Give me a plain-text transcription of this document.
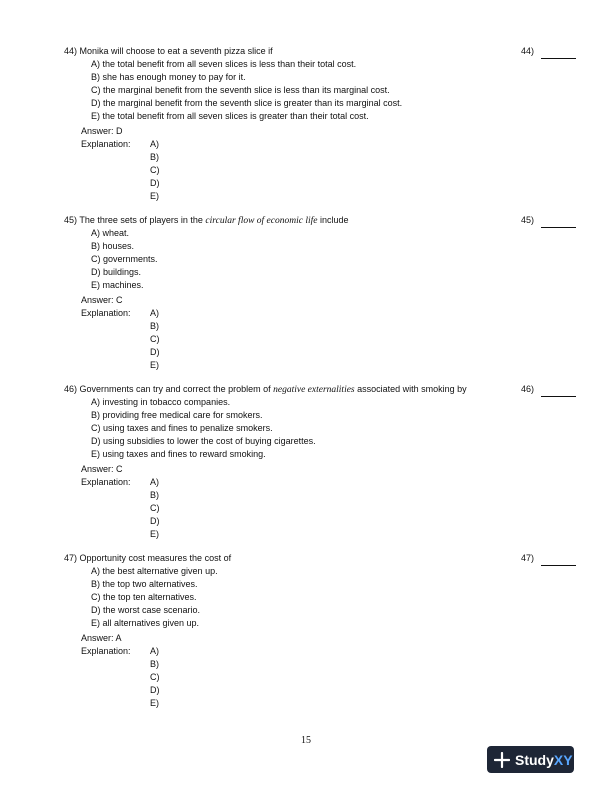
44) Monika will choose to eat a seventh pizza slice if	44)
A) the total benefit from all seven slices is less than their total cost.
B) she has enough money to pay for it.
C) the marginal benefit from the seventh slice is less than its marginal cost.
D) the marginal benefit from the seventh slice is greater than its marginal cost.
E) the total benefit from all seven slices is greater than their total cost.
Answer: D
Explanation: A)
B)
C)
D)
E)
45) The three sets of players in the circular flow of economic life include	45)
A) wheat.
B) houses.
C) governments.
D) buildings.
E) machines.
Answer: C
Explanation: A)
B)
C)
D)
E)
46) Governments can try and correct the problem of negative externalities associated with smoking by	46)
A) investing in tobacco companies.
B) providing free medical care for smokers.
C) using taxes and fines to penalize smokers.
D) using subsidies to lower the cost of buying cigarettes.
E) using taxes and fines to reward smoking.
Answer: C
Explanation: A)
B)
C)
D)
E)
47) Opportunity cost measures the cost of	47)
A) the best alternative given up.
B) the top two alternatives.
C) the top ten alternatives.
D) the worst case scenario.
E) all alternatives given up.
Answer: A
Explanation: A)
B)
C)
D)
E)
15
Study XY
